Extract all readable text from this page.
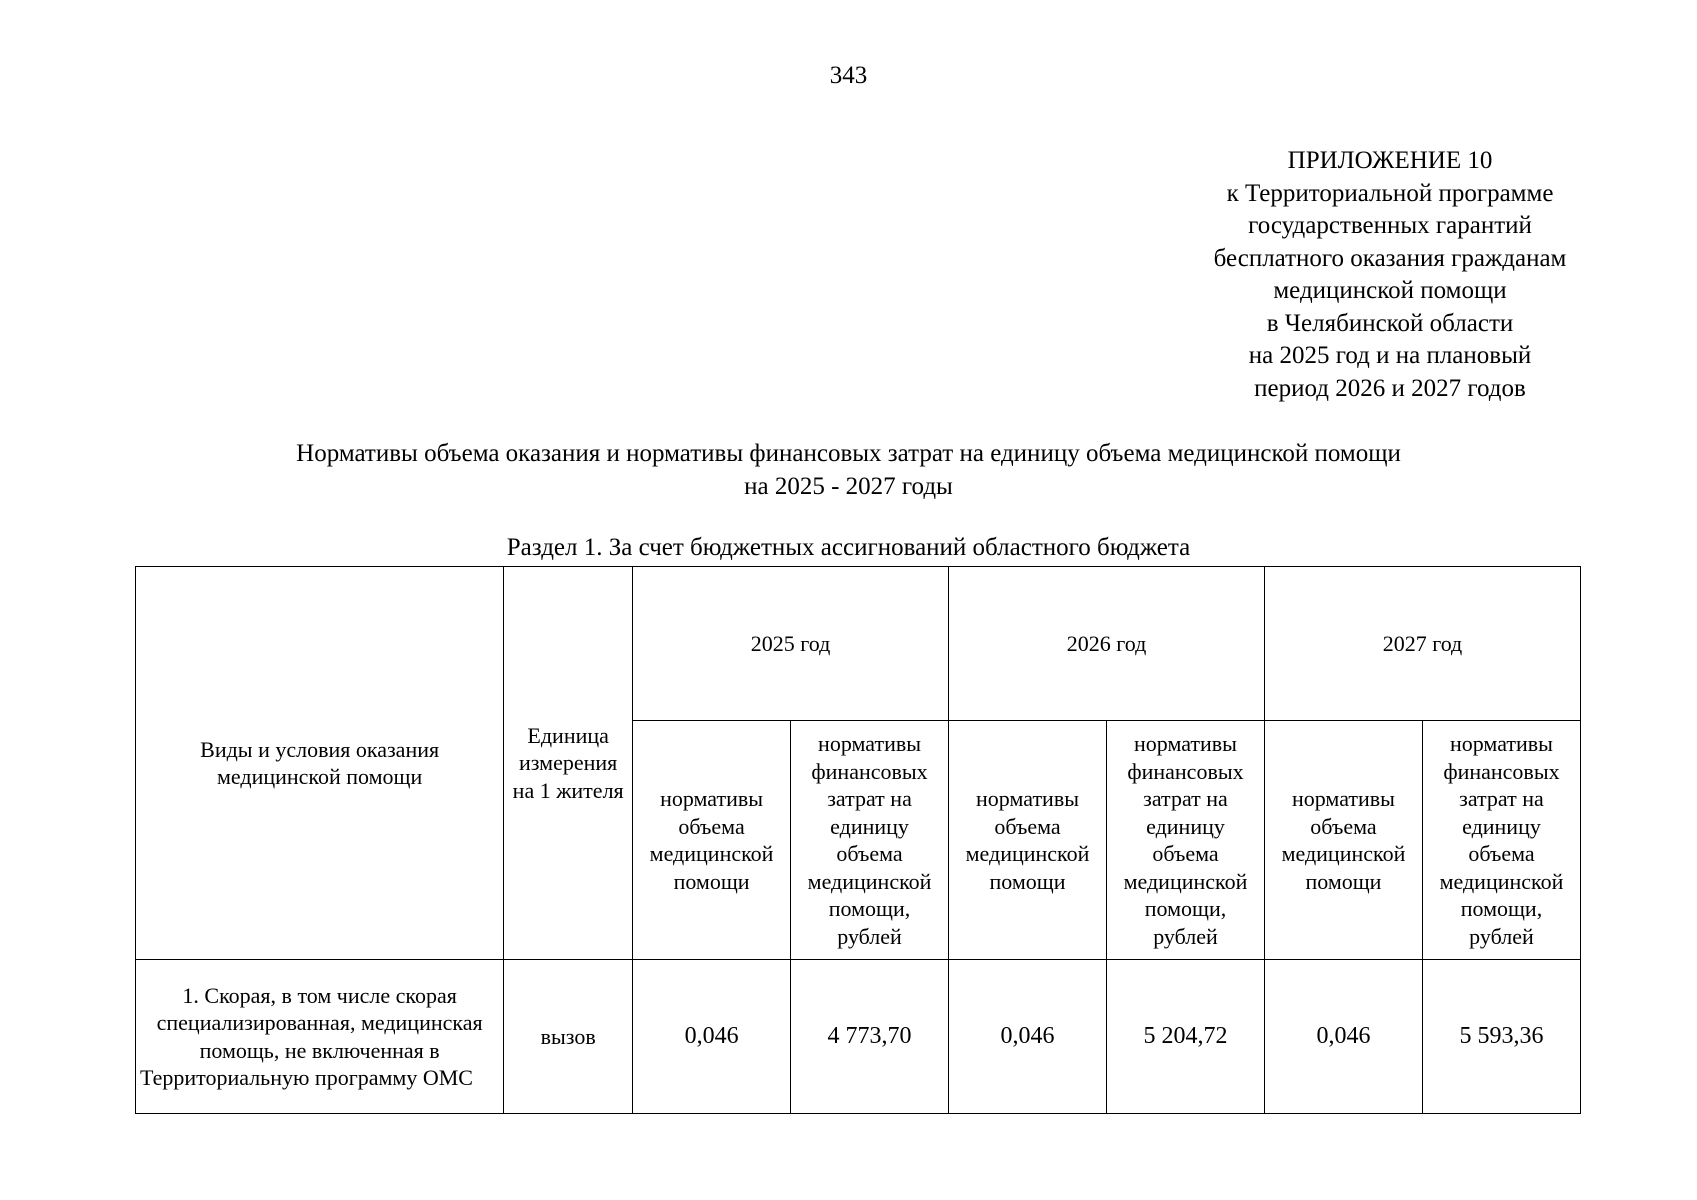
343
ПРИЛОЖЕНИЕ 10
к Территориальной программе
государственных гарантий
бесплатного оказания гражданам
медицинской помощи
в Челябинской области
на 2025 год и на плановый
период 2026 и 2027 годов
Нормативы объема оказания и нормативы финансовых затрат на единицу объема медицинской помощи
на 2025 - 2027 годы
Раздел 1. За счет бюджетных ассигнований областного бюджета
Виды и условия оказания медицинской помощи	Единица измерения на 1 жителя	2025 год		2026 год		2027 год	
		нормативы объема медицинской помощи	нормативы финансовых затрат на единицу объема медицинской помощи, рублей	нормативы объема медицинской помощи	нормативы финансовых затрат на единицу объема медицинской помощи, рублей	нормативы объема медицинской помощи	нормативы финансовых затрат на единицу объема медицинской помощи, рублей
1. Скорая, в том числе скорая специализированная, медицинская помощь, не включенная в Территориальную программу ОМС	вызов	0,046	4 773,70	0,046	5 204,72	0,046	5 593,36
